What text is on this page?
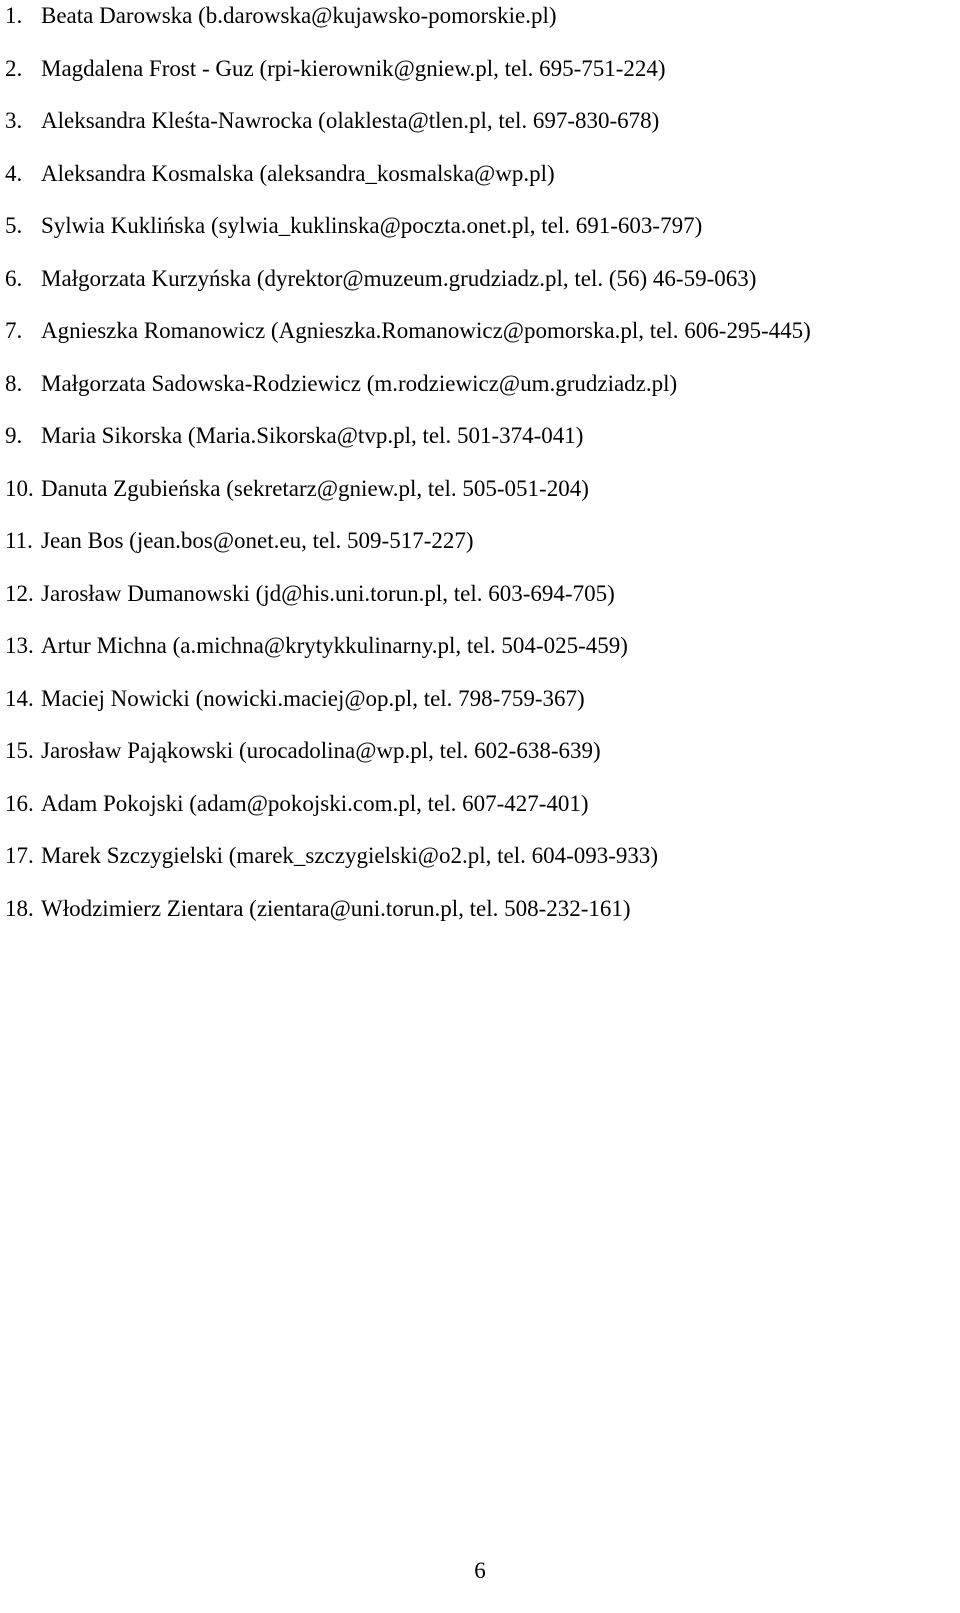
1. Beata Darowska (b.darowska@kujawsko-pomorskie.pl)
2. Magdalena Frost - Guz (rpi-kierownik@gniew.pl, tel. 695-751-224)
3. Aleksandra Kleśta-Nawrocka (olaklesta@tlen.pl, tel. 697-830-678)
4. Aleksandra Kosmalska (aleksandra_kosmalska@wp.pl)
5. Sylwia Kuklińska (sylwia_kuklinska@poczta.onet.pl, tel. 691-603-797)
6. Małgorzata Kurzyńska (dyrektor@muzeum.grudziadz.pl, tel. (56) 46-59-063)
7. Agnieszka Romanowicz (Agnieszka.Romanowicz@pomorska.pl, tel. 606-295-445)
8. Małgorzata Sadowska-Rodziewicz (m.rodziewicz@um.grudziadz.pl)
9. Maria Sikorska (Maria.Sikorska@tvp.pl, tel. 501-374-041)
10. Danuta Zgubieńska (sekretarz@gniew.pl, tel. 505-051-204)
11. Jean Bos (jean.bos@onet.eu, tel. 509-517-227)
12. Jarosław Dumanowski (jd@his.uni.torun.pl, tel. 603-694-705)
13. Artur Michna (a.michna@krytykkulinarny.pl, tel. 504-025-459)
14. Maciej Nowicki (nowicki.maciej@op.pl, tel. 798-759-367)
15. Jarosław Pająkowski (urocadolina@wp.pl, tel. 602-638-639)
16. Adam Pokojski (adam@pokojski.com.pl, tel. 607-427-401)
17. Marek Szczygielski (marek_szczygielski@o2.pl, tel. 604-093-933)
18. Włodzimierz Zientara (zientara@uni.torun.pl, tel. 508-232-161)
6
